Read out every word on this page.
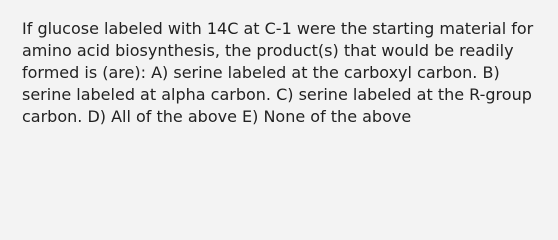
If glucose labeled with 14C at C-1 were the starting material for
amino acid biosynthesis, the product(s) that would be readily
formed is (are): A) serine labeled at the carboxyl carbon. B)
serine labeled at alpha carbon. C) serine labeled at the R-group
carbon. D) All of the above E) None of the above
